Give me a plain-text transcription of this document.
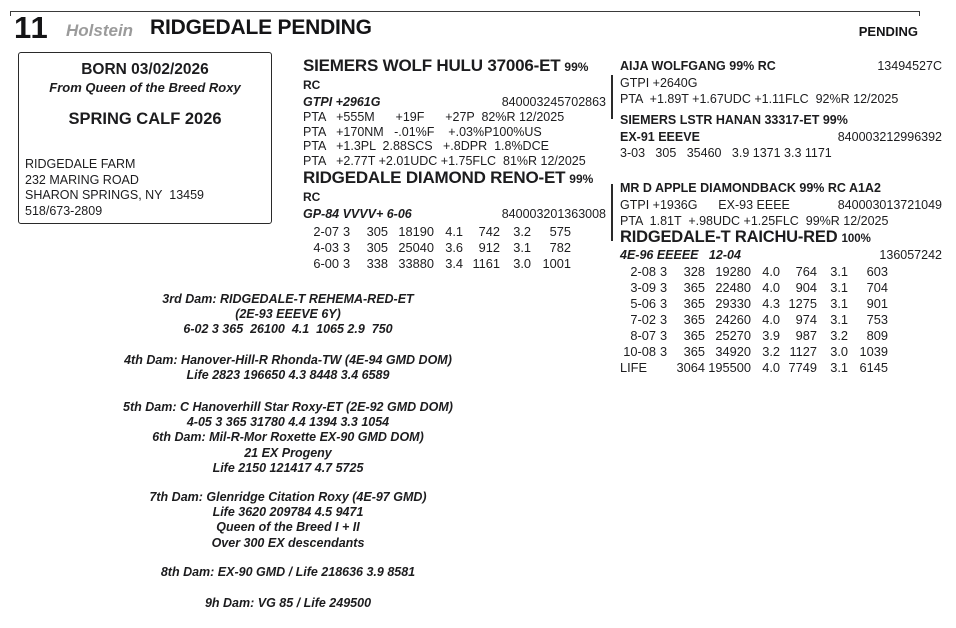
11 Holstein RIDGEDALE PENDING	PENDING
BORN 03/02/2026
From Queen of the Breed Roxy
SPRING CALF 2026
RIDGEDALE FARM
232 MARING ROAD
SHARON SPRINGS, NY  13459
518/673-2809
SIEMERS WOLF HULU 37006-ET 99% RC
GTPI +2961G	840003245702863
PTA   +555M      +19F      +27P  82%R 12/2025
PTA   +170NM   -.01%F    +.03%P100%US
PTA   +1.3PL  2.88SCS   +.8DPR  1.8%DCE
PTA   +2.77T +2.01UDC +1.75FLC  81%R 12/2025
RIDGEDALE DIAMOND RENO-ET 99% RC
GP-84 VVVV+ 6-06	840003201363008
2-07 3	305 18190 4.1	742	3.2	575
4-03 3	305 25040 3.6	912	3.1	782
6-00 3	338 33880 3.4 1161	3.0 1001
AIJA WOLFGANG 99% RC	13494527C
GTPI +2640G
PTA  +1.89T +1.67UDC +1.11FLC  92%R 12/2025
SIEMERS LSTR HANAN 33317-ET 99%
EX-91 EEEVE	840003212996392
3-03   305   35460   3.9 1371 3.3 1171
MR D APPLE DIAMONDBACK 99% RC A1A2
GTPI +1936G      EX-93 EEEE	840003013721049
PTA  1.81T  +.98UDC +1.25FLC  99%R 12/2025
RIDGEDALE-T RAICHU-RED 100%
4E-96 EEEEE   12-04	136057242
2-08 3	328 19280 4.0	764	3.1	603
3-09 3	365 22480 4.0	904	3.1	704
5-06 3	365 29330 4.3 1275	3.1	901
7-02 3	365 24260 4.0	974	3.1	753
8-07 3	365 25270 3.9	987	3.2	809
10-08 3	365 34920 3.2 1127	3.0 1039
LIFE	3064 195500 4.0 7749	3.1 6145
3rd Dam: RIDGEDALE-T REHEMA-RED-ET
(2E-93 EEEVE 6Y)
6-02 3 365  26100  4.1  1065 2.9  750
4th Dam: Hanover-Hill-R Rhonda-TW (4E-94 GMD DOM)
Life 2823 196650 4.3 8448 3.4 6589
5th Dam: C Hanoverhill Star Roxy-ET (2E-92 GMD DOM)
4-05 3 365 31780 4.4 1394 3.3 1054
6th Dam: Mil-R-Mor Roxette EX-90 GMD DOM)
21 EX Progeny
Life 2150 121417 4.7 5725
7th Dam: Glenridge Citation Roxy (4E-97 GMD)
Life 3620 209784 4.5 9471
Queen of the Breed I + II
Over 300 EX descendants
8th Dam: EX-90 GMD / Life 218636 3.9 8581
9h Dam: VG 85 / Life 249500
